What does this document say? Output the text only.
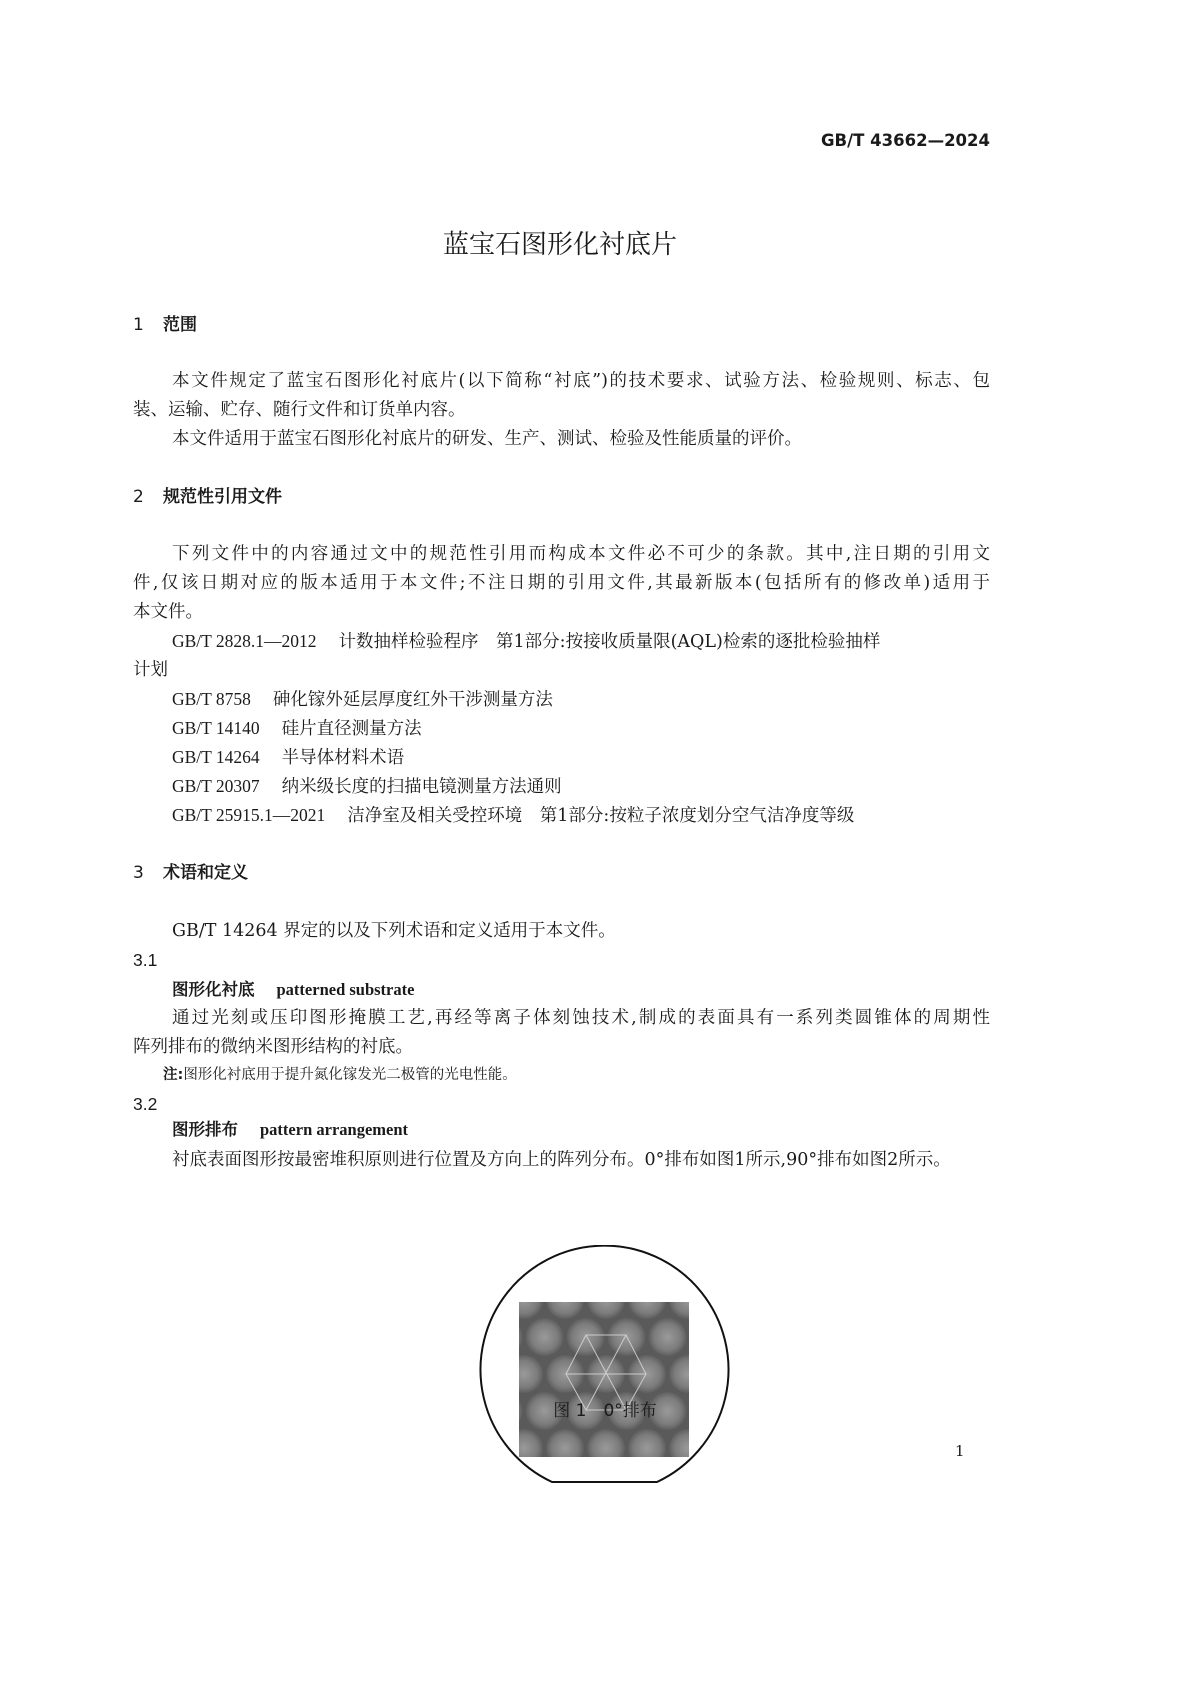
GB/T 43662—2024
蓝宝石图形化衬底片
1 范围
本文件规定了蓝宝石图形化衬底片(以下简称“衬底”)的技术要求、试验方法、检验规则、标志、包
装、运输、贮存、随行文件和订货单内容。
本文件适用于蓝宝石图形化衬底片的研发、生产、测试、检验及性能质量的评价。
2 规范性引用文件
下列文件中的内容通过文中的规范性引用而构成本文件必不可少的条款。其中,注日期的引用文
件,仅该日期对应的版本适用于本文件;不注日期的引用文件,其最新版本(包括所有的修改单)适用于
本文件。
GB/T 2828.1—2012 计数抽样检验程序　第1部分:按接收质量限(AQL)检索的逐批检验抽样
计划
GB/T 8758 砷化镓外延层厚度红外干涉测量方法
GB/T 14140 硅片直径测量方法
GB/T 14264 半导体材料术语
GB/T 20307 纳米级长度的扫描电镜测量方法通则
GB/T 25915.1—2021 洁净室及相关受控环境　第1部分:按粒子浓度划分空气洁净度等级
3 术语和定义
GB/T 14264 界定的以及下列术语和定义适用于本文件。
3.1
图形化衬底 patterned substrate
通过光刻或压印图形掩膜工艺,再经等离子体刻蚀技术,制成的表面具有一系列类圆锥体的周期性
阵列排布的微纳米图形结构的衬底。
注:图形化衬底用于提升氮化镓发光二极管的光电性能。
3.2
图形排布 pattern arrangement
衬底表面图形按最密堆积原则进行位置及方向上的阵列分布。0°排布如图1所示,90°排布如图2所示。
图 1　0°排布
1
